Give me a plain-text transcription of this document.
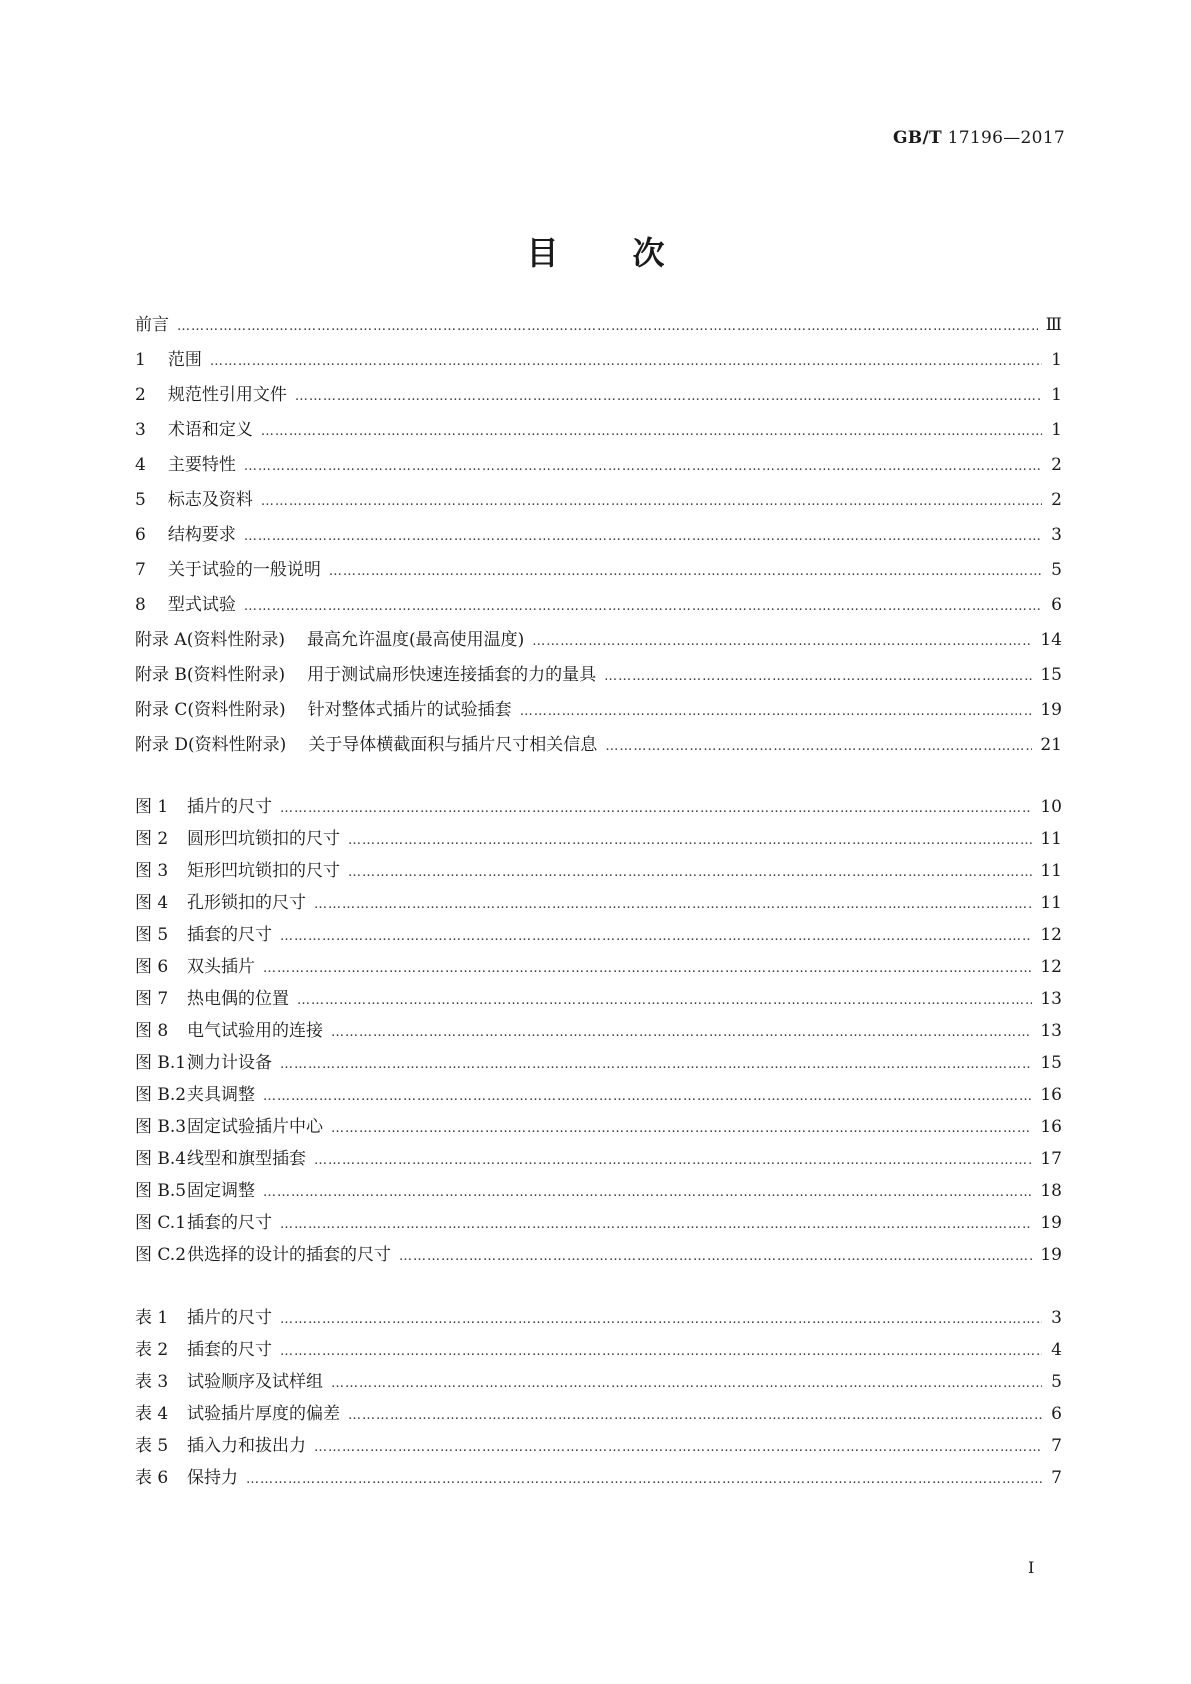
GB/T 17196—2017
目 次
前言 ……………………………………………………………………………………………………………………………………………………………………………………………………………	Ⅲ
1 范围 ……………………………………………………………………………………………………………………………………………………………………………………………………………	1
2 规范性引用文件 ……………………………………………………………………………………………………………………………………………………………………………………………………………	1
3 术语和定义 ……………………………………………………………………………………………………………………………………………………………………………………………………………	1
4 主要特性 ……………………………………………………………………………………………………………………………………………………………………………………………………………	2
5 标志及资料 ……………………………………………………………………………………………………………………………………………………………………………………………………………	2
6 结构要求 ……………………………………………………………………………………………………………………………………………………………………………………………………………	3
7 关于试验的一般说明 ……………………………………………………………………………………………………………………………………………………………………………………………………………	5
8 型式试验 ……………………………………………………………………………………………………………………………………………………………………………………………………………	6
附录 A(资料性附录) 最高允许温度(最高使用温度) ……………………………………………………………………………………………………………………………………………………………………………………………………………	14
附录 B(资料性附录) 用于测试扁形快速连接插套的力的量具 ……………………………………………………………………………………………………………………………………………………………………………………………………………	15
附录 C(资料性附录) 针对整体式插片的试验插套 ……………………………………………………………………………………………………………………………………………………………………………………………………………	19
附录 D(资料性附录) 关于导体横截面积与插片尺寸相关信息 ……………………………………………………………………………………………………………………………………………………………………………………………………………	21
图 1 插片的尺寸 ……………………………………………………………………………………………………………………………………………………………………………………………………………	10
图 2 圆形凹坑锁扣的尺寸 ……………………………………………………………………………………………………………………………………………………………………………………………………………	11
图 3 矩形凹坑锁扣的尺寸 ……………………………………………………………………………………………………………………………………………………………………………………………………………	11
图 4 孔形锁扣的尺寸 ……………………………………………………………………………………………………………………………………………………………………………………………………………	11
图 5 插套的尺寸 ……………………………………………………………………………………………………………………………………………………………………………………………………………	12
图 6 双头插片 ……………………………………………………………………………………………………………………………………………………………………………………………………………	12
图 7 热电偶的位置 ……………………………………………………………………………………………………………………………………………………………………………………………………………	13
图 8 电气试验用的连接 ……………………………………………………………………………………………………………………………………………………………………………………………………………	13
图 B.1测力计设备 ……………………………………………………………………………………………………………………………………………………………………………………………………………	15
图 B.2夹具调整 ……………………………………………………………………………………………………………………………………………………………………………………………………………	16
图 B.3固定试验插片中心 ……………………………………………………………………………………………………………………………………………………………………………………………………………	16
图 B.4线型和旗型插套 ……………………………………………………………………………………………………………………………………………………………………………………………………………	17
图 B.5固定调整 ……………………………………………………………………………………………………………………………………………………………………………………………………………	18
图 C.1插套的尺寸 ……………………………………………………………………………………………………………………………………………………………………………………………………………	19
图 C.2供选择的设计的插套的尺寸 ……………………………………………………………………………………………………………………………………………………………………………………………………………	19
表 1 插片的尺寸 ……………………………………………………………………………………………………………………………………………………………………………………………………………	3
表 2 插套的尺寸 ……………………………………………………………………………………………………………………………………………………………………………………………………………	4
表 3 试验顺序及试样组 ……………………………………………………………………………………………………………………………………………………………………………………………………………	5
表 4 试验插片厚度的偏差 ……………………………………………………………………………………………………………………………………………………………………………………………………………	6
表 5 插入力和拔出力 ……………………………………………………………………………………………………………………………………………………………………………………………………………	7
表 6 保持力 ……………………………………………………………………………………………………………………………………………………………………………………………………………	7
I
